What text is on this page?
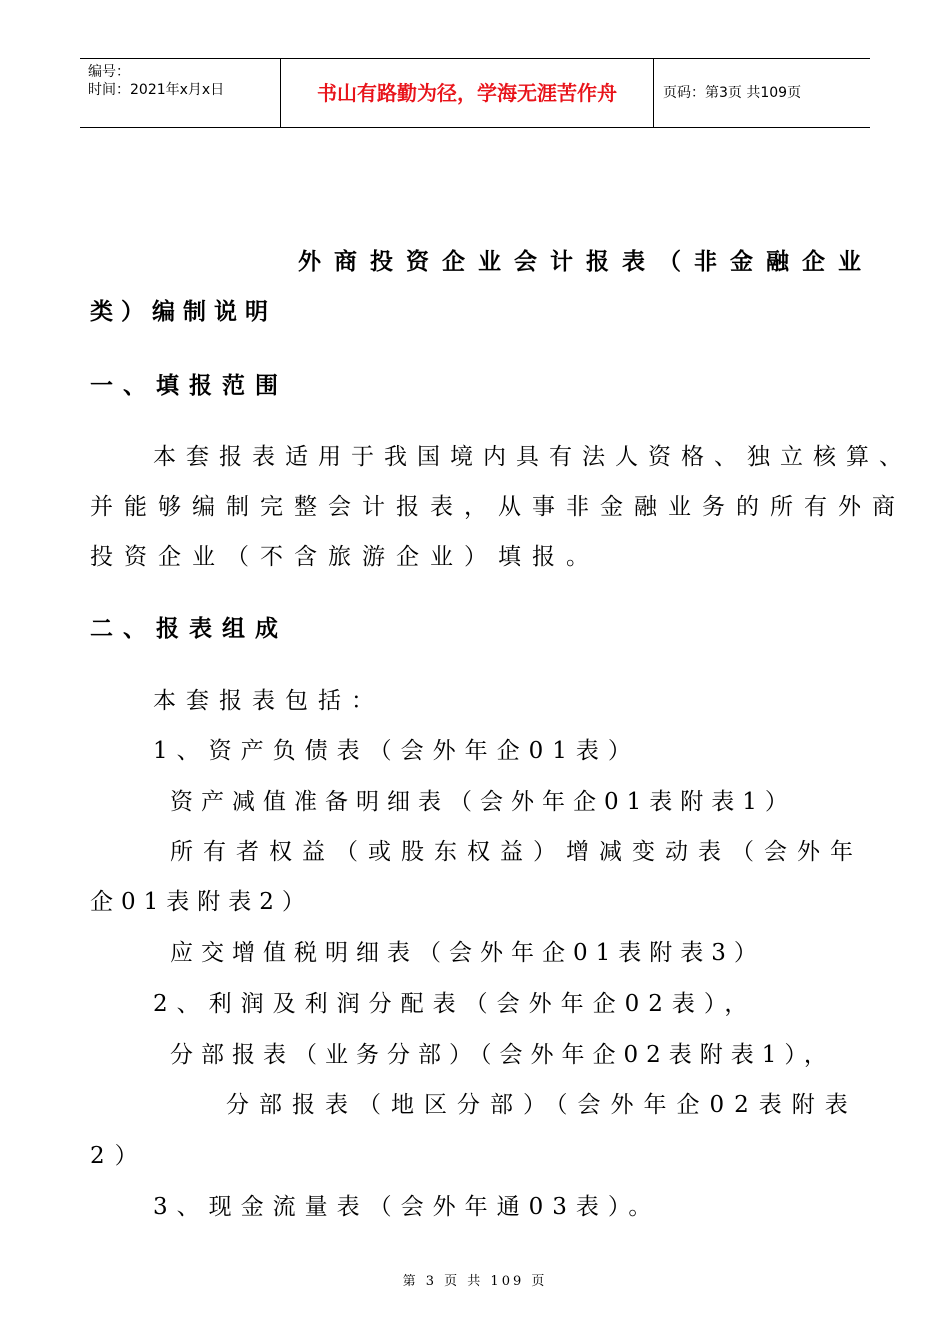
编号：
时间：2021年x月x日	书山有路勤为径，学海无涯苦作舟	页码：第3页 共109页
外商投资企业会计报表（非金融企业
类）编制说明
一、填报范围
本套报表适用于我国境内具有法人资格、独立核算、
并能够编制完整会计报表，从事非金融业务的所有外商
投资企业（不含旅游企业）填报。
二、报表组成
本套报表包括：
1、资产负债表（会外年企01表）
资产减值准备明细表（会外年企01表附表1）
所有者权益（或股东权益）增减变动表（会外年
企01表附表2）
应交增值税明细表（会外年企01表附表3）
2、利润及利润分配表（会外年企02表），
分部报表（业务分部）（会外年企02表附表1），
分部报表（地区分部）（会外年企02表附表
2）
3、现金流量表（会外年通03表）。
第 3 页 共 109 页
